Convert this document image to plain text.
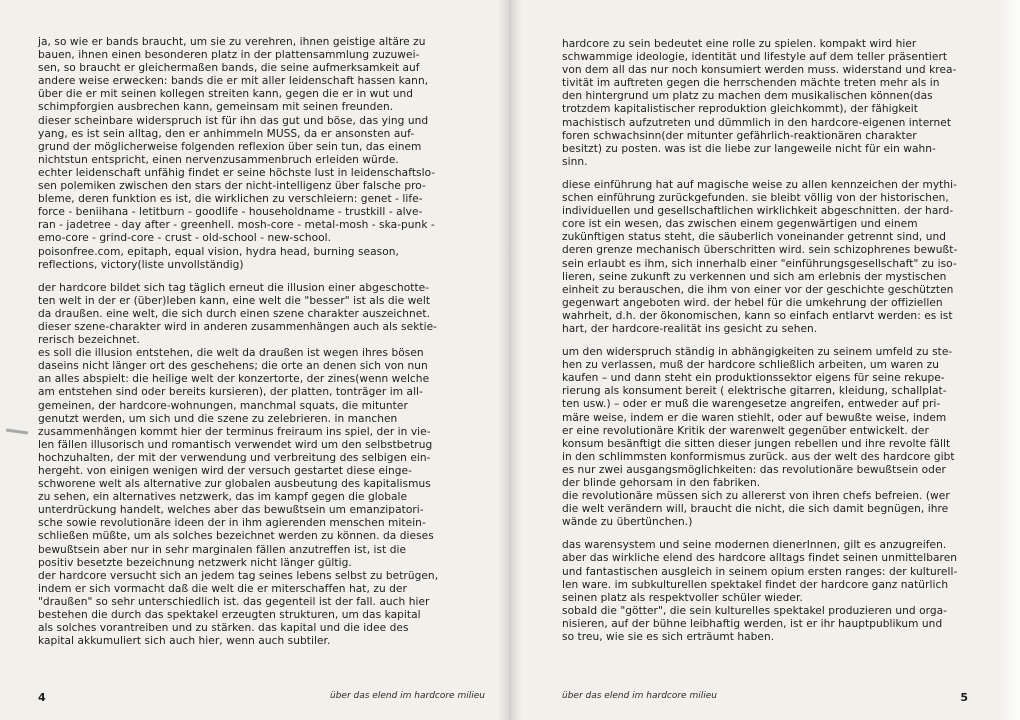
ja, so wie er bands braucht, um sie zu verehren, ihnen geistige altäre zu
bauen, ihnen einen besonderen platz in der plattensammlung zuzuwei-
sen, so braucht er gleichermaßen bands, die seine aufmerksamkeit auf
andere weise erwecken: bands die er mit aller leidenschaft hassen kann,
über die er mit seinen kollegen streiten kann, gegen die er in wut und
schimpforgien ausbrechen kann, gemeinsam mit seinen freunden.
dieser scheinbare widerspruch ist für ihn das gut und böse, das ying und
yang, es ist sein alltag, den er anhimmeln MUSS, da er ansonsten auf-
grund der möglicherweise folgenden reflexion über sein tun, das einem
nichtstun entspricht, einen nervenzusammenbruch erleiden würde.
echter leidenschaft unfähig findet er seine höchste lust in leidenschaftslo-
sen polemiken zwischen den stars der nicht-intelligenz über falsche pro-
bleme, deren funktion es ist, die wirklichen zu verschleiern: genet - life-
force - beniihana - letitburn - goodlife - householdname - trustkill - alve-
ran - jadetree - day after - greenhell. mosh-core - metal-mosh - ska-punk -
emo-core - grind-core - crust - old-school - new-school.
poisonfree.com, epitaph, equal vision, hydra head, burning season,
reflections, victory(liste unvollständig)

der hardcore bildet sich tag täglich erneut die illusion einer abgeschotte-
ten welt in der er (über)leben kann, eine welt die "besser" ist als die welt
da draußen. eine welt, die sich durch einen szene charakter auszeichnet.
dieser szene-charakter wird in anderen zusammenhängen auch als sektie-
rerisch bezeichnet.
es soll die illusion entstehen, die welt da draußen ist wegen ihres bösen
daseins nicht länger ort des geschehens; die orte an denen sich von nun
an alles abspielt: die heilige welt der konzertorte, der zines(wenn welche
am entstehen sind oder bereits kursieren), der platten, tonträger im all-
gemeinen, der hardcore-wohnungen, manchmal squats, die mitunter
genutzt werden, um sich und die szene zu zelebrieren. in manchen
zusammenhängen kommt hier der terminus freiraum ins spiel, der in vie-
len fällen illusorisch und romantisch verwendet wird um den selbstbetrug
hochzuhalten, der mit der verwendung und verbreitung des selbigen ein-
hergeht. von einigen wenigen wird der versuch gestartet diese einge-
schworene welt als alternative zur globalen ausbeutung des kapitalismus
zu sehen, ein alternatives netzwerk, das im kampf gegen die globale
unterdrückung handelt, welches aber das bewußtsein um emanzipatori-
sche sowie revolutionäre ideen der in ihm agierenden menschen mitein-
schließen müßte, um als solches bezeichnet werden zu können. da dieses
bewußtsein aber nur in sehr marginalen fällen anzutreffen ist, ist die
positiv besetzte bezeichnung netzwerk nicht länger gültig.
der hardcore versucht sich an jedem tag seines lebens selbst zu betrügen,
indem er sich vormacht daß die welt die er miterschaffen hat, zu der
"draußen" so sehr unterschiedlich ist. das gegenteil ist der fall. auch hier
bestehen die durch das spektakel erzeugten strukturen, um das kapital
als solches vorantreiben und zu stärken. das kapital und die idee des
kapital akkumuliert sich auch hier, wenn auch subtiler.

4	über das elend im hardcore milieu

hardcore zu sein bedeutet eine rolle zu spielen. kompakt wird hier
schwammige ideologie, identität und lifestyle auf dem teller präsentiert
von dem all das nur noch konsumiert werden muss. widerstand und krea-
tivität im auftreten gegen die herrschenden mächte treten mehr als in
den hintergrund um platz zu machen dem musikalischen können(das
trotzdem kapitalistischer reproduktion gleichkommt), der fähigkeit
machistisch aufzutreten und dümmlich in den hardcore-eigenen internet
foren schwachsinn(der mitunter gefährlich-reaktionären charakter
besitzt) zu posten. was ist die liebe zur langeweile nicht für ein wahn-
sinn.

diese einführung hat auf magische weise zu allen kennzeichen der mythi-
schen einführung zurückgefunden. sie bleibt völlig von der historischen,
individuellen und gesellschaftlichen wirklichkeit abgeschnitten. der hard-
core ist ein wesen, das zwischen einem gegenwärtigen und einem
zukünftigen status steht, die säuberlich voneinander getrennt sind, und
deren grenze mechanisch überschritten wird. sein schizophrenes bewußt-
sein erlaubt es ihm, sich innerhalb einer "einführungsgesellschaft" zu iso-
lieren, seine zukunft zu verkennen und sich am erlebnis der mystischen
einheit zu berauschen, die ihm von einer vor der geschichte geschützten
gegenwart angeboten wird. der hebel für die umkehrung der offiziellen
wahrheit, d.h. der ökonomischen, kann so einfach entlarvt werden: es ist
hart, der hardcore-realität ins gesicht zu sehen.

um den widerspruch ständig in abhängigkeiten zu seinem umfeld zu ste-
hen zu verlassen, muß der hardcore schließlich arbeiten, um waren zu
kaufen – und dann steht ein produktionssektor eigens für seine rekupe-
rierung als konsument bereit ( elektrische gitarren, kleidung, schallplat-
ten usw.) – oder er muß die warengesetze angreifen, entweder auf pri-
märe weise, indem er die waren stiehlt, oder auf bewußte weise, indem
er eine revolutionäre Kritik der warenwelt gegenüber entwickelt. der
konsum besänftigt die sitten dieser jungen rebellen und ihre revolte fällt
in den schlimmsten konformismus zurück. aus der welt des hardcore gibt
es nur zwei ausgangsmöglichkeiten: das revolutionäre bewußtsein oder
der blinde gehorsam in den fabriken.
die revolutionäre müssen sich zu allererst von ihren chefs befreien. (wer
die welt verändern will, braucht die nicht, die sich damit begnügen, ihre
wände zu übertünchen.)

das warensystem und seine modernen dienerInnen, gilt es anzugreifen.
aber das wirkliche elend des hardcore alltags findet seinen unmittelbaren
und fantastischen ausgleich in seinem opium ersten ranges: der kulturell-
len ware. im subkulturellen spektakel findet der hardcore ganz natürlich
seinen platz als respektvoller schüler wieder.
sobald die "götter", die sein kulturelles spektakel produzieren und orga-
nisieren, auf der bühne leibhaftig werden, ist er ihr hauptpublikum und
so treu, wie sie es sich erträumt haben.

über das elend im hardcore milieu	5
